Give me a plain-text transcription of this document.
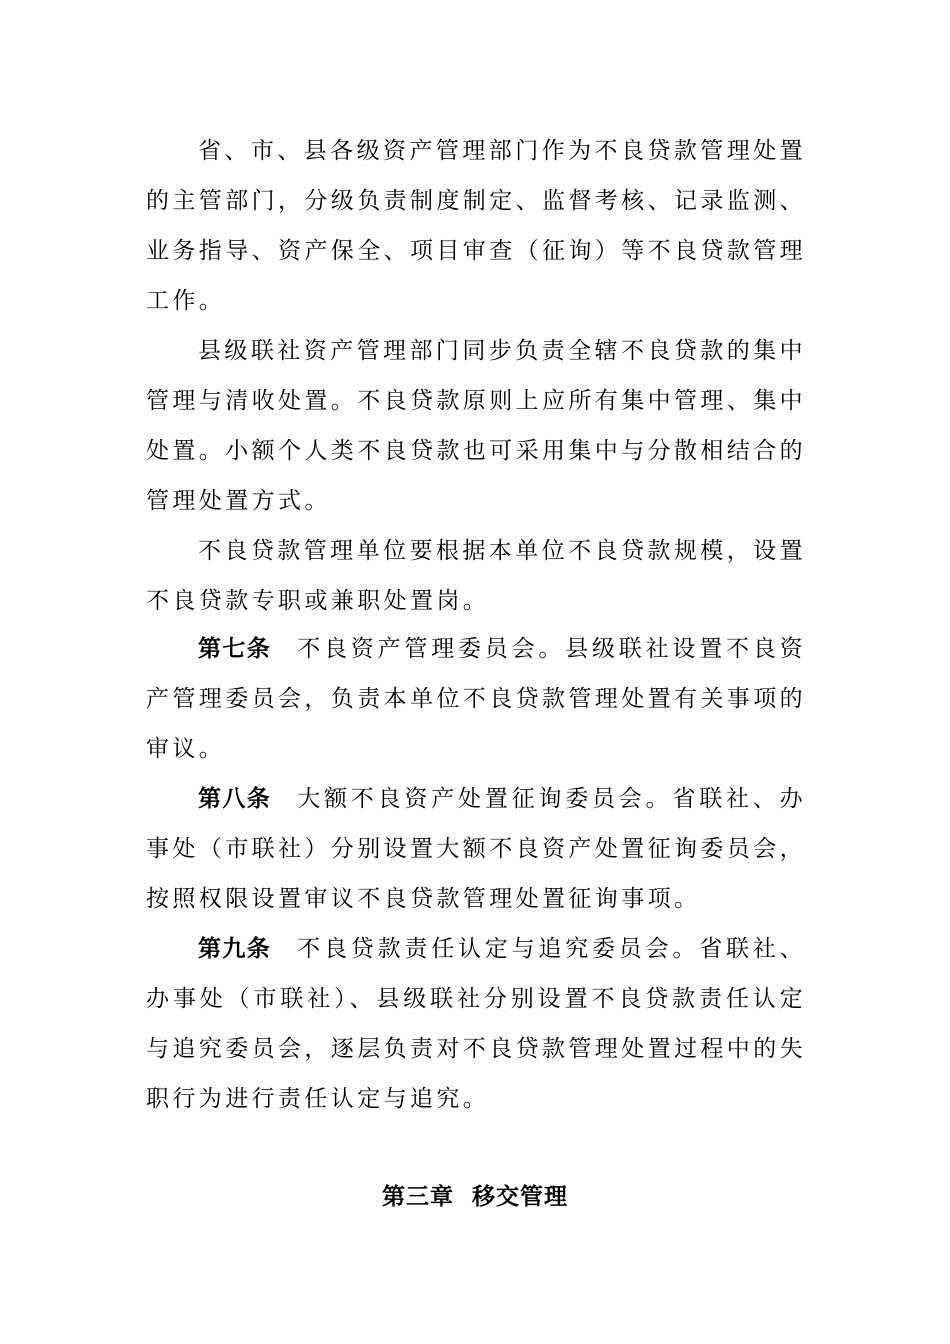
省、市、县各级资产管理部门作为不良贷款管理处置的主管部门，分级负责制度制定、监督考核、记录监测、业务指导、资产保全、项目审查（征询）等不良贷款管理工作。

县级联社资产管理部门同步负责全辖不良贷款的集中管理与清收处置。不良贷款原则上应所有集中管理、集中处置。小额个人类不良贷款也可采用集中与分散相结合的管理处置方式。

不良贷款管理单位要根据本单位不良贷款规模，设置不良贷款专职或兼职处置岗。

第七条 不良资产管理委员会。县级联社设置不良资产管理委员会，负责本单位不良贷款管理处置有关事项的审议。

第八条 大额不良资产处置征询委员会。省联社、办事处（市联社）分别设置大额不良资产处置征询委员会，按照权限设置审议不良贷款管理处置征询事项。

第九条 不良贷款责任认定与追究委员会。省联社、办事处（市联社）、县级联社分别设置不良贷款责任认定与追究委员会，逐层负责对不良贷款管理处置过程中的失职行为进行责任认定与追究。

第三章  移交管理
